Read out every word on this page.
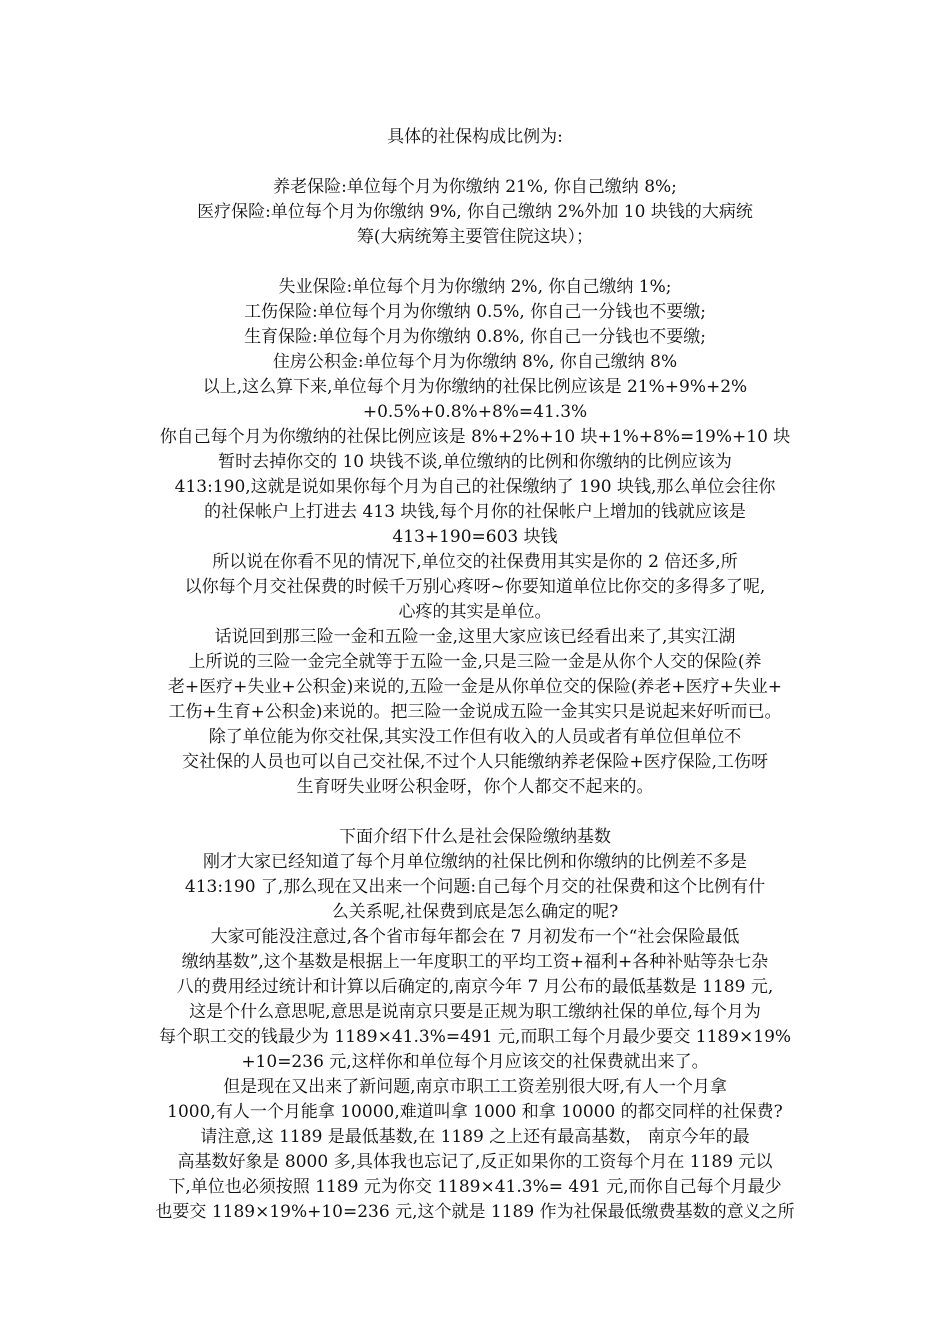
具体的社保构成比例为:
养老保险:单位每个月为你缴纳 21%, 你自己缴纳 8%;
医疗保险:单位每个月为你缴纳 9%, 你自己缴纳 2%外加 10 块钱的大病统
筹(大病统筹主要管住院这块）；
失业保险:单位每个月为你缴纳 2%, 你自己缴纳 1%;
工伤保险:单位每个月为你缴纳 0.5%, 你自己一分钱也不要缴;
生育保险:单位每个月为你缴纳 0.8%, 你自己一分钱也不要缴;
住房公积金:单位每个月为你缴纳 8%, 你自己缴纳 8%
以上,这么算下来,单位每个月为你缴纳的社保比例应该是 21%+9%+2%
+0.5%+0.8%+8%=41.3%
你自己每个月为你缴纳的社保比例应该是 8%+2%+10 块+1%+8%=19%+10 块
暂时去掉你交的 10 块钱不谈,单位缴纳的比例和你缴纳的比例应该为
413:190,这就是说如果你每个月为自己的社保缴纳了 190 块钱,那么单位会往你
的社保帐户上打进去 413 块钱,每个月你的社保帐户上增加的钱就应该是
413+190=603 块钱
所以说在你看不见的情况下,单位交的社保费用其实是你的 2 倍还多,所
以你每个月交社保费的时候千万别心疼呀~你要知道单位比你交的多得多了呢,
心疼的其实是单位。
话说回到那三险一金和五险一金,这里大家应该已经看出来了,其实江湖
上所说的三险一金完全就等于五险一金,只是三险一金是从你个人交的保险(养
老+医疗+失业+公积金)来说的,五险一金是从你单位交的保险(养老+医疗+失业+
工伤+生育+公积金)来说的。把三险一金说成五险一金其实只是说起来好听而已。
除了单位能为你交社保,其实没工作但有收入的人员或者有单位但单位不
交社保的人员也可以自己交社保,不过个人只能缴纳养老保险+医疗保险,工伤呀
生育呀失业呀公积金呀，你个人都交不起来的。
下面介绍下什么是社会保险缴纳基数
刚才大家已经知道了每个月单位缴纳的社保比例和你缴纳的比例差不多是
413:190 了,那么现在又出来一个问题:自己每个月交的社保费和这个比例有什
么关系呢,社保费到底是怎么确定的呢?
大家可能没注意过,各个省市每年都会在 7 月初发布一个“社会保险最低
缴纳基数”,这个基数是根据上一年度职工的平均工资+福利+各种补贴等杂七杂
八的费用经过统计和计算以后确定的,南京今年 7 月公布的最低基数是 1189 元,
这是个什么意思呢,意思是说南京只要是正规为职工缴纳社保的单位,每个月为
每个职工交的钱最少为 1189×41.3%=491 元,而职工每个月最少要交 1189×19%
+10=236 元,这样你和单位每个月应该交的社保费就出来了。
但是现在又出来了新问题,南京市职工工资差别很大呀,有人一个月拿
1000,有人一个月能拿 10000,难道叫拿 1000 和拿 10000 的都交同样的社保费?
请注意,这 1189 是最低基数,在 1189 之上还有最高基数， 南京今年的最
高基数好象是 8000 多,具体我也忘记了,反正如果你的工资每个月在 1189 元以
下,单位也必须按照 1189 元为你交 1189×41.3%= 491 元,而你自己每个月最少
也要交 1189×19%+10=236 元,这个就是 1189 作为社保最低缴费基数的意义之所
